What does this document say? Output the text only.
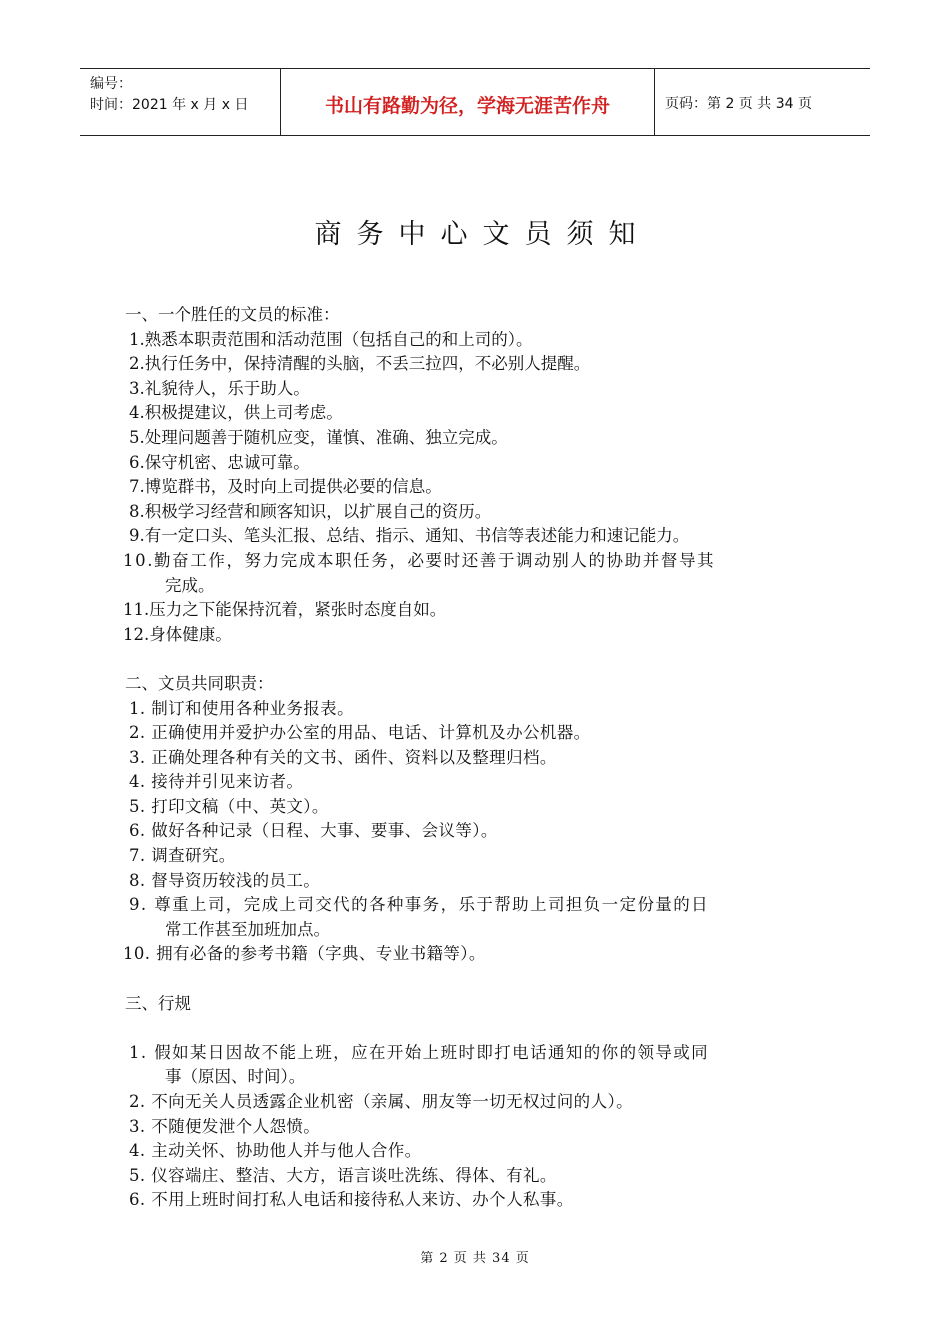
编号：
时间：2021 年 x 月 x 日	书山有路勤为径，学海无涯苦作舟	页码：第 2 页 共 34 页
商务中心文员须知
一、一个胜任的文员的标准：
1.熟悉本职责范围和活动范围（包括自己的和上司的）。
2.执行任务中，保持清醒的头脑，不丢三拉四，不必别人提醒。
3.礼貌待人，乐于助人。
4.积极提建议，供上司考虑。
5.处理问题善于随机应变，谨慎、准确、独立完成。
6.保守机密、忠诚可靠。
7.博览群书，及时向上司提供必要的信息。
8.积极学习经营和顾客知识，以扩展自己的资历。
9.有一定口头、笔头汇报、总结、指示、通知、书信等表述能力和速记能力。
10.勤奋工作，努力完成本职任务，必要时还善于调动别人的协助并督导其
完成。
11.压力之下能保持沉着，紧张时态度自如。
12.身体健康。
二、文员共同职责：
1. 制订和使用各种业务报表。
2. 正确使用并爱护办公室的用品、电话、计算机及办公机器。
3. 正确处理各种有关的文书、函件、资料以及整理归档。
4. 接待并引见来访者。
5. 打印文稿（中、英文）。
6. 做好各种记录（日程、大事、要事、会议等）。
7. 调查研究。
8. 督导资历较浅的员工。
9. 尊重上司，完成上司交代的各种事务，乐于帮助上司担负一定份量的日
常工作甚至加班加点。
10. 拥有必备的参考书籍（字典、专业书籍等）。
三、行规
1. 假如某日因故不能上班，应在开始上班时即打电话通知的你的领导或同
事（原因、时间）。
2. 不向无关人员透露企业机密（亲属、朋友等一切无权过问的人）。
3. 不随便发泄个人怨愤。
4. 主动关怀、协助他人并与他人合作。
5. 仪容端庄、整洁、大方，语言谈吐洗练、得体、有礼。
6. 不用上班时间打私人电话和接待私人来访、办个人私事。
第 2 页 共 34 页
